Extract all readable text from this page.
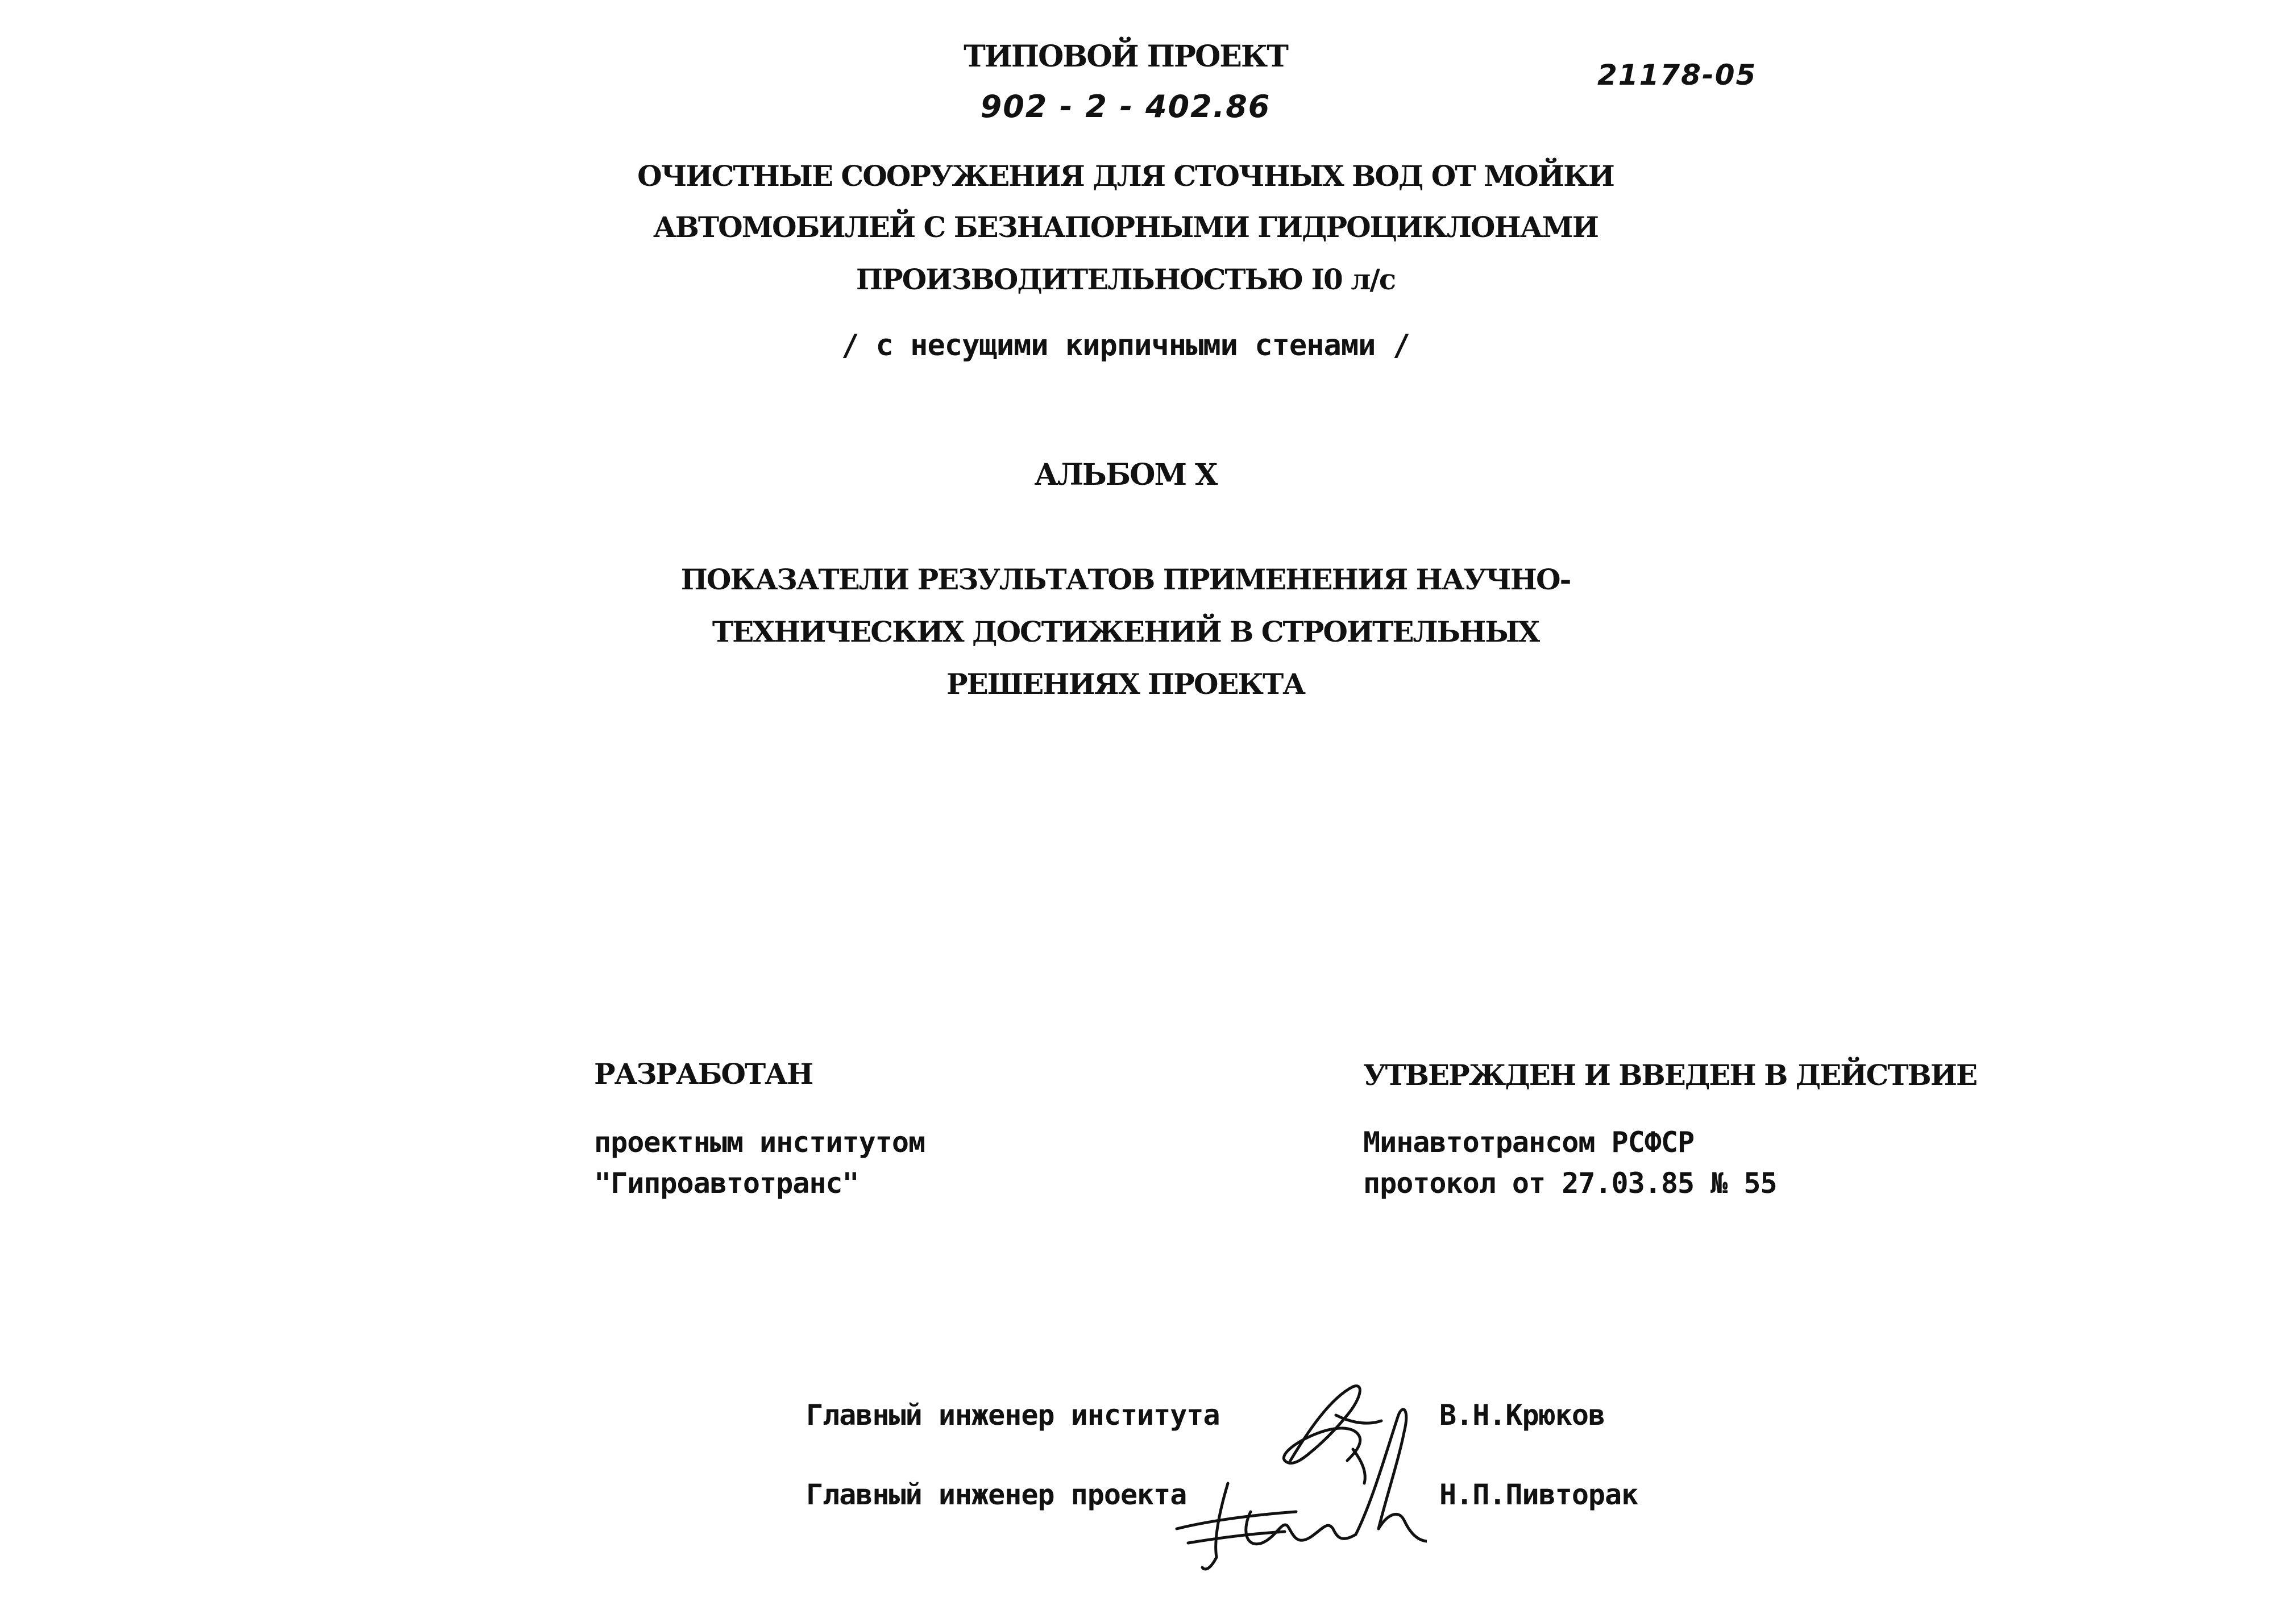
ТИПОВОЙ ПРОЕКТ
902 - 2 - 402.86
21178-05
ОЧИСТНЫЕ СООРУЖЕНИЯ ДЛЯ СТОЧНЫХ ВОД ОТ МОЙКИ
АВТОМОБИЛЕЙ С БЕЗНАПОРНЫМИ ГИДРОЦИКЛОНАМИ
ПРОИЗВОДИТЕЛЬНОСТЬЮ I0 л/с
/ с несущими кирпичными стенами /
АЛЬБОМ X
ПОКАЗАТЕЛИ РЕЗУЛЬТАТОВ ПРИМЕНЕНИЯ НАУЧНО-
ТЕХНИЧЕСКИХ ДОСТИЖЕНИЙ В СТРОИТЕЛЬНЫХ
РЕШЕНИЯХ ПРОЕКТА
РАЗРАБОТАН
проектным институтом
"Гипроавтотранс"
УТВЕРЖДЕН И ВВЕДЕН В ДЕЙСТВИЕ
Минавтотрансом РСФСР
протокол от 27.03.85 № 55
Главный инженер института	В.Н.Крюков
Главный инженер проекта	Н.П.Пивторак
